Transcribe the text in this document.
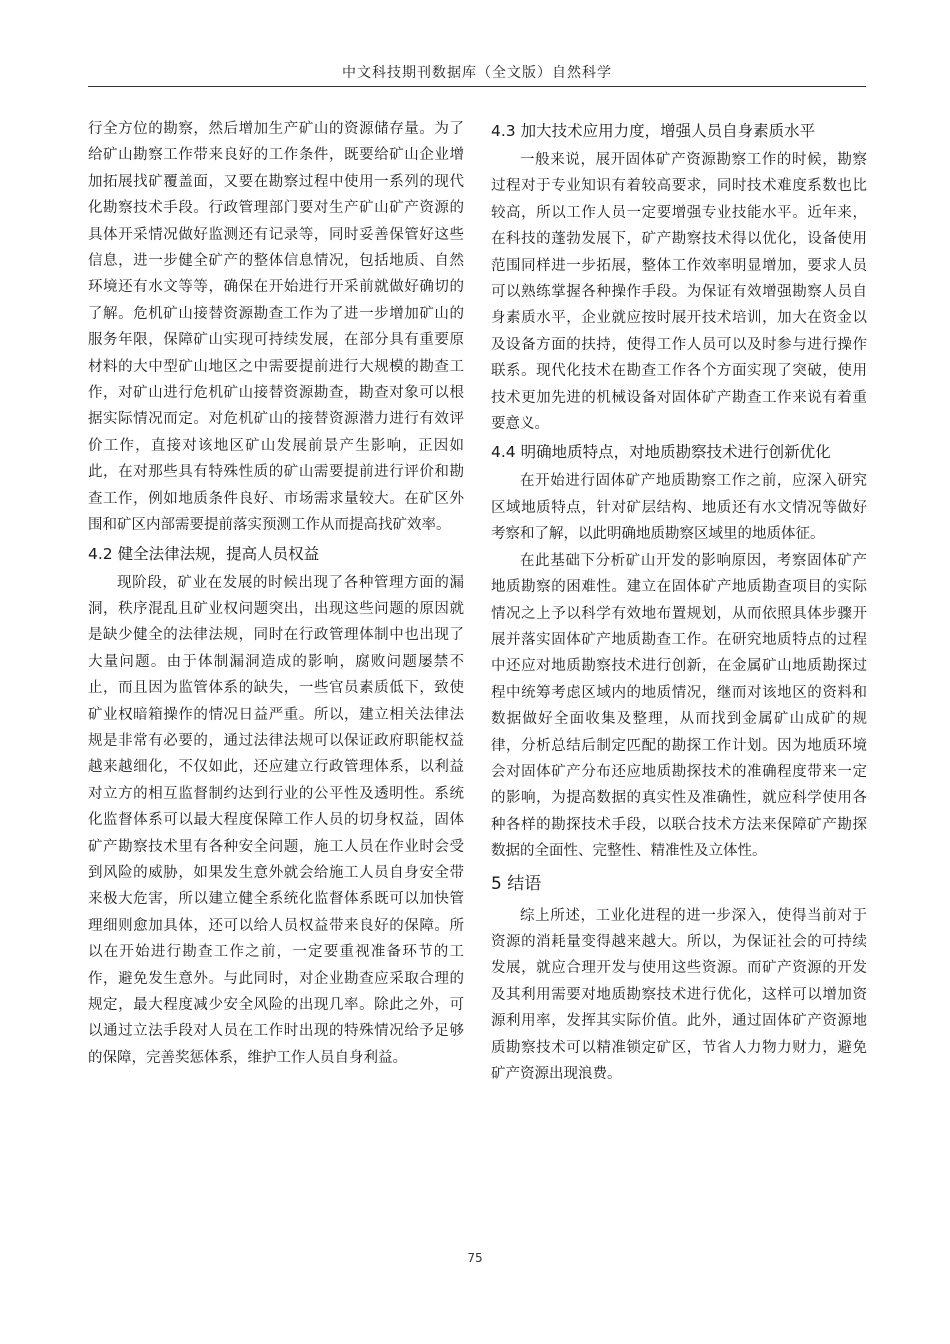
中文科技期刊数据库（全文版）自然科学

行全方位的勘察，然后增加生产矿山的资源储存量。为了给矿山勘察工作带来良好的工作条件，既要给矿山企业增加拓展找矿覆盖面，又要在勘察过程中使用一系列的现代化勘察技术手段。行政管理部门要对生产矿山矿产资源的具体开采情况做好监测还有记录等，同时妥善保管好这些信息，进一步健全矿产的整体信息情况，包括地质、自然环境还有水文等等，确保在开始进行开采前就做好确切的了解。危机矿山接替资源勘查工作为了进一步增加矿山的服务年限，保障矿山实现可持续发展，在部分具有重要原材料的大中型矿山地区之中需要提前进行大规模的勘查工作，对矿山进行危机矿山接替资源勘查，勘查对象可以根据实际情况而定。对危机矿山的接替资源潜力进行有效评价工作，直接对该地区矿山发展前景产生影响，正因如此，在对那些具有特殊性质的矿山需要提前进行评价和勘查工作，例如地质条件良好、市场需求量较大。在矿区外围和矿区内部需要提前落实预测工作从而提高找矿效率。

4.2 健全法律法规，提高人员权益

现阶段，矿业在发展的时候出现了各种管理方面的漏洞，秩序混乱且矿业权问题突出，出现这些问题的原因就是缺少健全的法律法规，同时在行政管理体制中也出现了大量问题。由于体制漏洞造成的影响，腐败问题屡禁不止，而且因为监管体系的缺失，一些官员素质低下，致使矿业权暗箱操作的情况日益严重。所以，建立相关法律法规是非常有必要的，通过法律法规可以保证政府职能权益越来越细化，不仅如此，还应建立行政管理体系，以利益对立方的相互监督制约达到行业的公平性及透明性。系统化监督体系可以最大程度保障工作人员的切身权益，固体矿产勘察技术里有各种安全问题，施工人员在作业时会受到风险的威胁，如果发生意外就会给施工人员自身安全带来极大危害，所以建立健全系统化监督体系既可以加快管理细则愈加具体，还可以给人员权益带来良好的保障。所以在开始进行勘查工作之前，一定要重视准备环节的工作，避免发生意外。与此同时，对企业勘查应采取合理的规定，最大程度减少安全风险的出现几率。除此之外，可以通过立法手段对人员在工作时出现的特殊情况给予足够的保障，完善奖惩体系，维护工作人员自身利益。

4.3 加大技术应用力度，增强人员自身素质水平

一般来说，展开固体矿产资源勘察工作的时候，勘察过程对于专业知识有着较高要求，同时技术难度系数也比较高，所以工作人员一定要增强专业技能水平。近年来，在科技的蓬勃发展下，矿产勘察技术得以优化，设备使用范围同样进一步拓展，整体工作效率明显增加，要求人员可以熟练掌握各种操作手段。为保证有效增强勘察人员自身素质水平，企业就应按时展开技术培训，加大在资金以及设备方面的扶持，使得工作人员可以及时参与进行操作联系。现代化技术在勘查工作各个方面实现了突破，使用技术更加先进的机械设备对固体矿产勘查工作来说有着重要意义。

4.4 明确地质特点，对地质勘察技术进行创新优化

在开始进行固体矿产地质勘察工作之前，应深入研究区域地质特点，针对矿层结构、地质还有水文情况等做好考察和了解，以此明确地质勘察区域里的地质体征。

在此基础下分析矿山开发的影响原因，考察固体矿产地质勘察的困难性。建立在固体矿产地质勘查项目的实际情况之上予以科学有效地布置规划，从而依照具体步骤开展并落实固体矿产地质勘查工作。在研究地质特点的过程中还应对地质勘察技术进行创新，在金属矿山地质勘探过程中统筹考虑区域内的地质情况，继而对该地区的资料和数据做好全面收集及整理，从而找到金属矿山成矿的规律，分析总结后制定匹配的勘探工作计划。因为地质环境会对固体矿产分布还应地质勘探技术的准确程度带来一定的影响，为提高数据的真实性及准确性，就应科学使用各种各样的勘探技术手段，以联合技术方法来保障矿产勘探数据的全面性、完整性、精准性及立体性。

5 结语

综上所述，工业化进程的进一步深入，使得当前对于资源的消耗量变得越来越大。所以，为保证社会的可持续发展，就应合理开发与使用这些资源。而矿产资源的开发及其利用需要对地质勘察技术进行优化，这样可以增加资源利用率，发挥其实际价值。此外，通过固体矿产资源地质勘察技术可以精准锁定矿区，节省人力物力财力，避免矿产资源出现浪费。

75
